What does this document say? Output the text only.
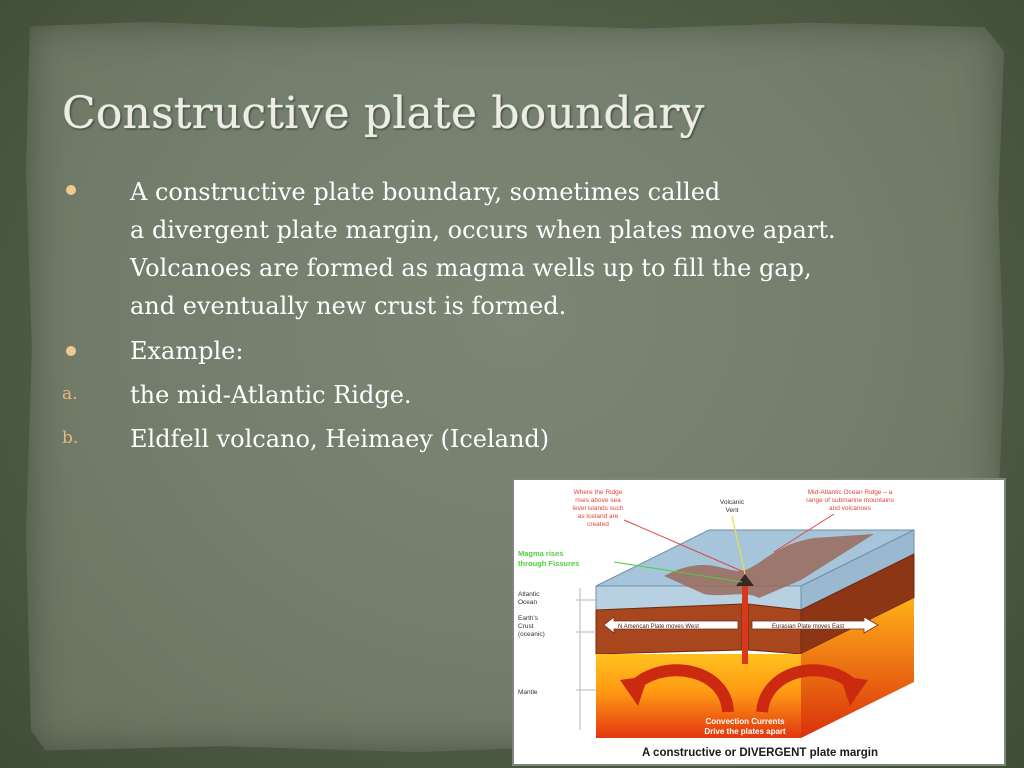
Constructive plate boundary
A constructive plate boundary, sometimes called
a divergent plate margin, occurs when plates move apart.
Volcanoes are formed as magma wells up to fill the gap,
and eventually new crust is formed.
Example:
a. the mid-Atlantic Ridge.
b. Eldfell volcano, Heimaey (Iceland)
N American Plate moves West	Eurasian Plate moves East
Convection Currents
Drive the plates apart
Atlantic
Ocean
Earth's
Crust
(oceanic)
Mantle
Magma rises
through Fissures
Where the Ridge
rises above sea
level islands such
as Iceland are
created
Volcanic
Vent
Mid-Atlantic Ocean Ridge – a
range of submarine mountains
and volcanoes
A constructive or DIVERGENT plate margin
